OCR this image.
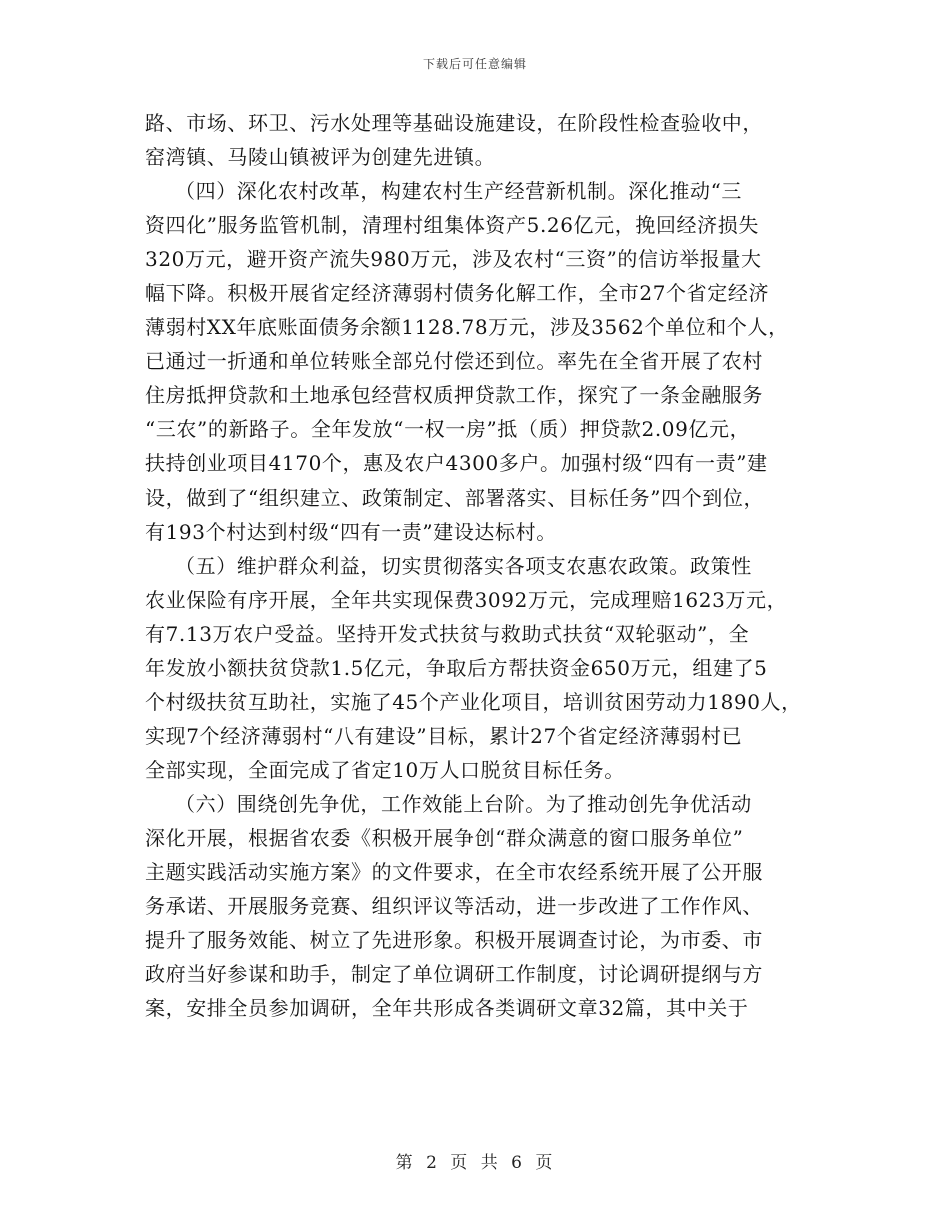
下载后可任意编辑
路、市场、环卫、污水处理等基础设施建设，在阶段性检查验收中，
窑湾镇、马陵山镇被评为创建先进镇。
（四）深化农村改革，构建农村生产经营新机制。深化推动“三
资四化”服务监管机制，清理村组集体资产5.26亿元，挽回经济损失
320万元，避开资产流失980万元，涉及农村“三资”的信访举报量大
幅下降。积极开展省定经济薄弱村债务化解工作，全市27个省定经济
薄弱村XX年底账面债务余额1128.78万元，涉及3562个单位和个人，
已通过一折通和单位转账全部兑付偿还到位。率先在全省开展了农村
住房抵押贷款和土地承包经营权质押贷款工作，探究了一条金融服务
“三农”的新路子。全年发放“一权一房”抵（质）押贷款2.09亿元，
扶持创业项目4170个，惠及农户4300多户。加强村级“四有一责”建
设，做到了“组织建立、政策制定、部署落实、目标任务”四个到位，
有193个村达到村级“四有一责”建设达标村。
（五）维护群众利益，切实贯彻落实各项支农惠农政策。政策性
农业保险有序开展，全年共实现保费3092万元，完成理赔1623万元，
有7.13万农户受益。坚持开发式扶贫与救助式扶贫“双轮驱动”，全
年发放小额扶贫贷款1.5亿元，争取后方帮扶资金650万元，组建了5
个村级扶贫互助社，实施了45个产业化项目，培训贫困劳动力1890人，
实现7个经济薄弱村“八有建设”目标，累计27个省定经济薄弱村已
全部实现，全面完成了省定10万人口脱贫目标任务。
（六）围绕创先争优，工作效能上台阶。为了推动创先争优活动
深化开展，根据省农委《积极开展争创“群众满意的窗口服务单位”
主题实践活动实施方案》的文件要求，在全市农经系统开展了公开服
务承诺、开展服务竞赛、组织评议等活动，进一步改进了工作作风、
提升了服务效能、树立了先进形象。积极开展调查讨论，为市委、市
政府当好参谋和助手，制定了单位调研工作制度，讨论调研提纲与方
案，安排全员参加调研，全年共形成各类调研文章32篇，其中关于
第 2 页 共 6 页
